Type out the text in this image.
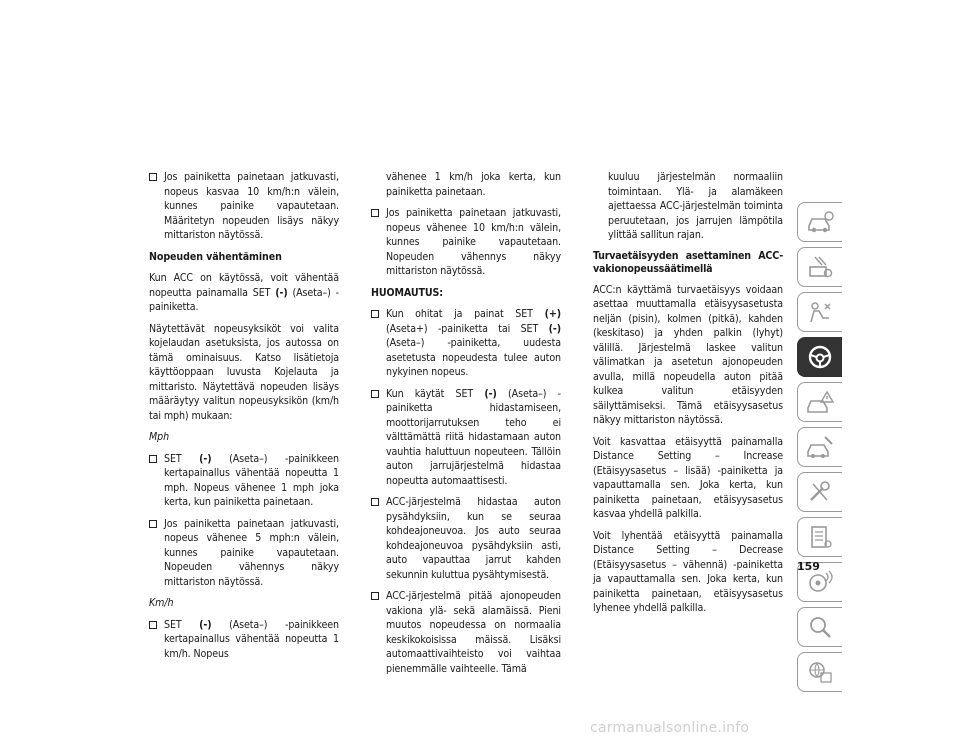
Jos painiketta painetaan jatkuvasti, nopeus kasvaa 10 km/h:n välein, kunnes painike vapautetaan. Määritetyn nopeuden lisäys näkyy mittariston näytössä.
Nopeuden vähentäminen
Kun ACC on käytössä, voit vähentää nopeutta painamalla SET (-) (Aseta–) -painiketta.
Näytettävät nopeusyksiköt voi valita kojelaudan asetuksista, jos autossa on tämä ominaisuus. Katso lisätietoja käyttöoppaan luvusta Kojelauta ja mittaristo. Näytettävä nopeuden lisäys määräytyy valitun nopeusyksikön (km/h tai mph) mukaan:
Mph
SET (-) (Aseta–) -painikkeen kertapainallus vähentää nopeutta 1 mph. Nopeus vähenee 1 mph joka kerta, kun painiketta painetaan.
Jos painiketta painetaan jatkuvasti, nopeus vähenee 5 mph:n välein, kunnes painike vapautetaan. Nopeuden vähennys näkyy mittariston näytössä.
Km/h
SET (-) (Aseta–) -painikkeen kertapainallus vähentää nopeutta 1 km/h. Nopeus
vähenee 1 km/h joka kerta, kun painiketta painetaan.
Jos painiketta painetaan jatkuvasti, nopeus vähenee 10 km/h:n välein, kunnes painike vapautetaan. Nopeuden vähennys näkyy mittariston näytössä.
HUOMAUTUS:
Kun ohitat ja painat SET (+) (Aseta+) -painiketta tai SET (-) (Aseta–) -painiketta, uudesta asetetusta nopeudesta tulee auton nykyinen nopeus.
Kun käytät SET (-) (Aseta–) -painiketta hidastamiseen, moottorijarrutuksen teho ei välttämättä riitä hidastamaan auton vauhtia haluttuun nopeuteen. Tällöin auton jarrujärjestelmä hidastaa nopeutta automaattisesti.
ACC-järjestelmä hidastaa auton pysähdyksiin, kun se seuraa kohdeajoneuvoa. Jos auto seuraa kohdeajoneuvoa pysähdyksiin asti, auto vapauttaa jarrut kahden sekunnin kuluttua pysähtymisestä.
ACC-järjestelmä pitää ajonopeuden vakiona ylä- sekä alamäissä. Pieni muutos nopeudessa on normaalia keskikokoisissa mäissä. Lisäksi automaattivaihteisto voi vaihtaa pienemmälle vaihteelle. Tämä
kuuluu järjestelmän normaaliin toimintaan. Ylä- ja alamäkeen ajettaessa ACC-järjestelmän toiminta peruutetaan, jos jarrujen lämpötila ylittää sallitun rajan.
Turvaetäisyyden asettaminen ACC-vakionopeussäätimellä
ACC:n käyttämä turvaetäisyys voidaan asettaa muuttamalla etäisyysasetusta neljän (pisin), kolmen (pitkä), kahden (keskitaso) ja yhden palkin (lyhyt) välillä. Järjestelmä laskee valitun välimatkan ja asetetun ajonopeuden avulla, millä nopeudella auton pitää kulkea valitun etäisyyden säilyttämiseksi. Tämä etäisyysasetus näkyy mittariston näytössä.
Voit kasvattaa etäisyyttä painamalla Distance Setting – Increase (Etäisyysasetus – lisää) -painiketta ja vapauttamalla sen. Joka kerta, kun painiketta painetaan, etäisyysasetus kasvaa yhdellä palkilla.
Voit lyhentää etäisyyttä painamalla Distance Setting – Decrease (Etäisyysasetus – vähennä) -painiketta ja vapauttamalla sen. Joka kerta, kun painiketta painetaan, etäisyysasetus lyhenee yhdellä palkilla.
159
carmanualsonline.info
